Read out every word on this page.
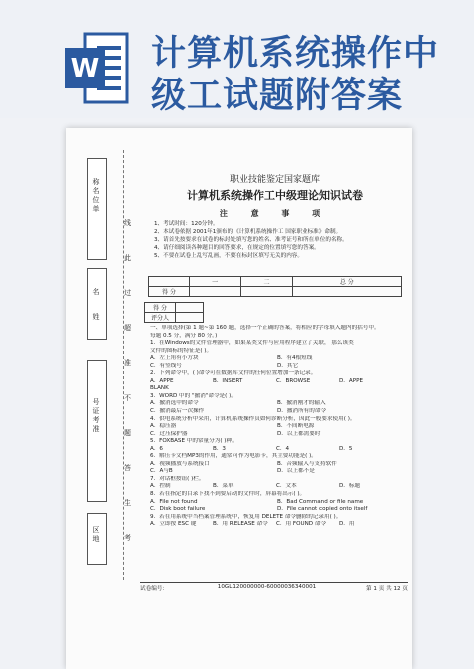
W 计算机系统操作中
级工试题附答案
称名位单
名
姓
号证考准
区地
线
此
过
超
准
不
题
答
生
考
职业技能鉴定国家题库
计算机系统操作工中级理论知识试卷
注 意 事 项
1、考试时间：120分钟。
2、本试卷依据 2001年1颁布的《计算机系统操作工 国家职业标准》命制。
3、请首先按要求在试卷的标封处填写您的姓名、准考证号和所在单位的名称。
4、请仔细阅读各种题目的回答要求，在规定的位置填写您的答案。
5、不要在试卷上乱写乱画，不要在标封区填写无关的内容。
	一	二	总 分
得 分			
得 分	
评分人	
一、单项选择(第 1 题~第 160 题，选择一个正确的答案，将相应的字母填入题内的括号中。
每题 0.5 分，满分 80 分。)
1．在Windows的文件管理器中，如果某类文件与应用程序建立了关联， 那么该类
文件的图标的特征是( )。
A．左上角有小方块	B．有4根短线
C．有竖线号	D．其它
2．下列命令中，( )命令可在数据库文件的任何位置增加一条记录。
A．APPE	B．INSERT	C．BROWSE	D．APPE
BLANK
3．WORD 中的 "撤消"命令是( )。
A．撤消选中的命令	B．撤消刚才的输入
C．撤消最后一次操作	D．撤消所有的命令
4．供电系统分析中采用，计算机系统操作员如何诊断分析，因此一般要求使用( )。
A．稳压器	B．不间断电源
C．过压保护器	D．以上都需要时
5．FOXBASE 中的常量分为( )种。
A．6	B．3	C．4	D．5
6．解压卡文档MP3的作用，通常可作为电影卡，其主要功能是( )。
A．视频播放与系统接口	B．音频输入与支持软件
C．A与B	D．以上都不是
7．对话框按钮( )栏。
A．控制	B．菜单	C．文本	D．标题
8．若在指定的目录下找不到要启动的文件时，屏幕将出示( )。
A．File not found	B．Bad Command or file name
C．Disk boot failure	D．File cannot copied onto itself
9．若在用系统中当档案管理系统中，恢复用 DELETE 命令删除的记录用( )。
A．立即按 ESC 键	B．用 RELEASE 命令	C．用 FOUND 命令	D．用
试卷编号：	10GL120000000-60000036340001	第 1 页 共 12 页
